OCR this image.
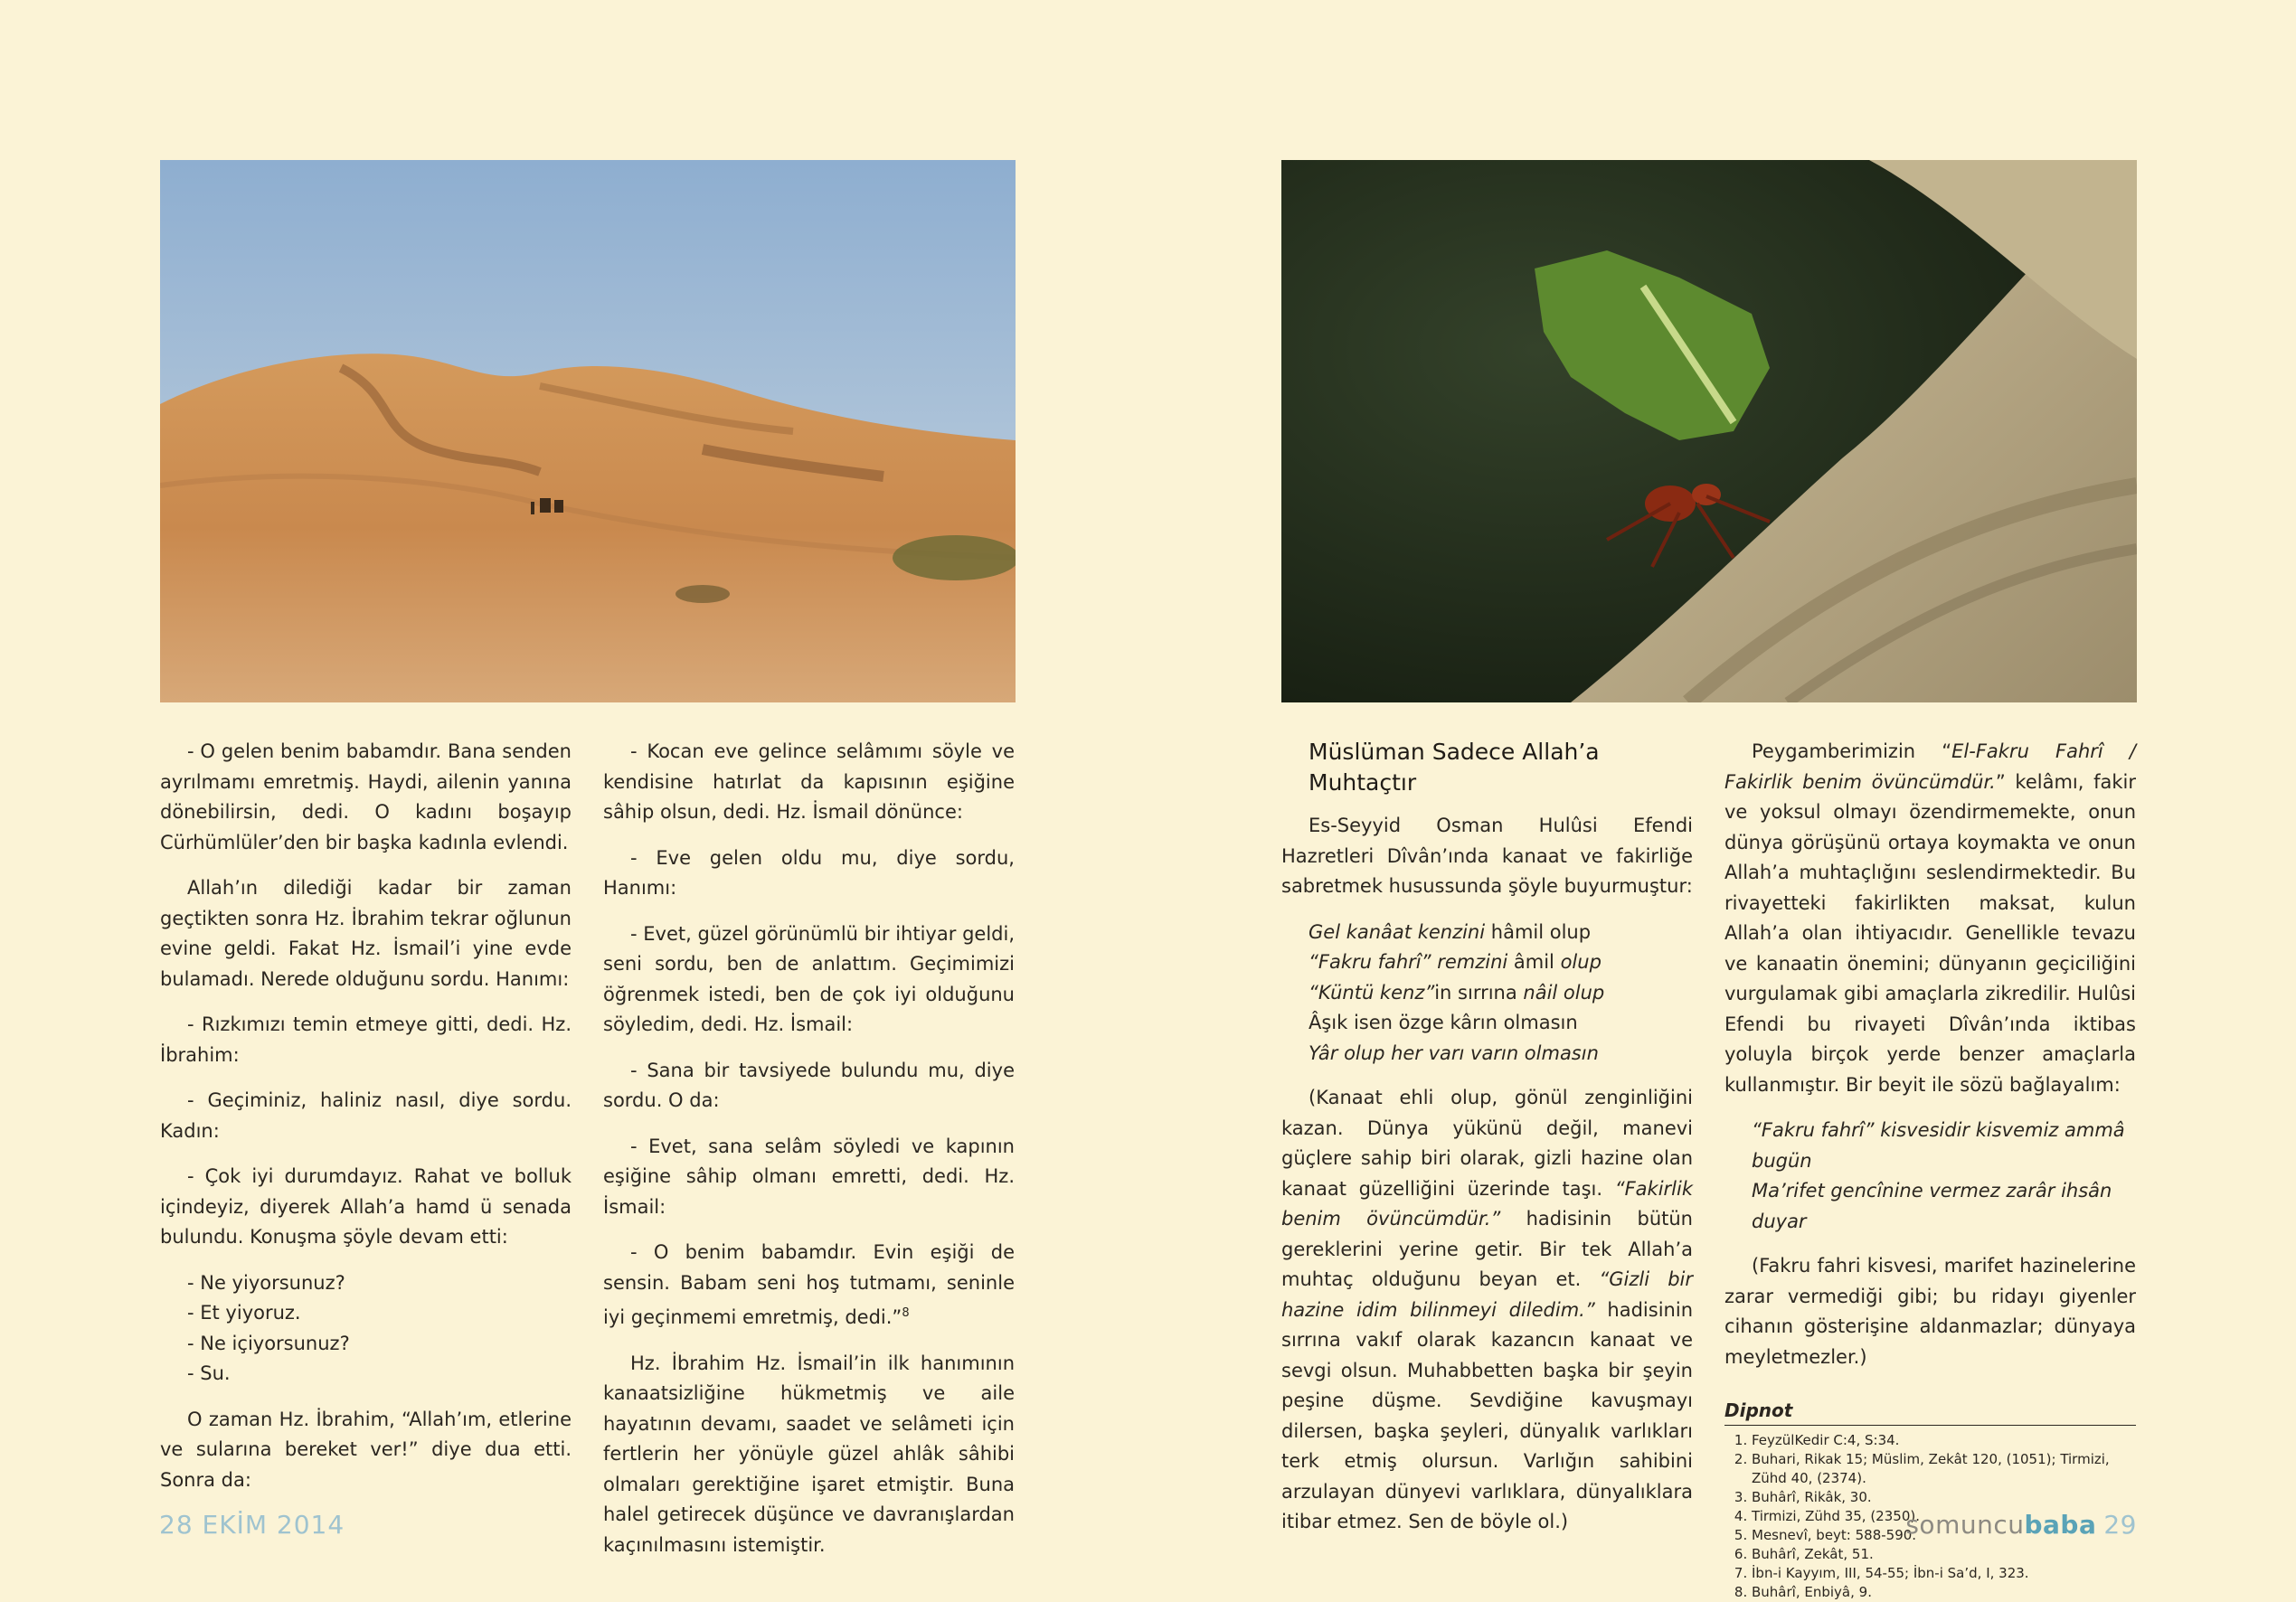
- O gelen benim babamdır. Bana senden ayrılmamı emretmiş. Haydi, ailenin yanına dönebilirsin, dedi. O kadını boşayıp Cürhümlüler’den bir başka kadınla evlendi.

Allah’ın dilediği kadar bir zaman geçtikten sonra Hz. İbrahim tekrar oğlunun evine geldi. Fakat Hz. İsmail’i yine evde bulamadı. Nerede olduğunu sordu. Hanımı:

- Rızkımızı temin etmeye gitti, dedi. Hz. İbrahim:

- Geçiminiz, haliniz nasıl, diye sordu. Kadın:

- Çok iyi durumdayız. Rahat ve bolluk içindeyiz, diyerek Allah’a hamd ü senada bulundu. Konuşma şöyle devam etti:

- Ne yiyorsunuz?
- Et yiyoruz.
- Ne içiyorsunuz?
- Su.

O zaman Hz. İbrahim, “Allah’ım, etlerine ve sularına bereket ver!” diye dua etti. Sonra da:

- Kocan eve gelince selâmımı söyle ve kendisine hatırlat da kapısının eşiğine sâhip olsun, dedi. Hz. İsmail dönünce:

- Eve gelen oldu mu, diye sordu, Hanımı:

- Evet, güzel görünümlü bir ihtiyar geldi, seni sordu, ben de anlattım. Geçimimizi öğrenmek istedi, ben de çok iyi olduğunu söyledim, dedi. Hz. İsmail:

- Sana bir tavsiyede bulundu mu, diye sordu. O da:

- Evet, sana selâm söyledi ve kapının eşiğine sâhip olmanı emretti, dedi. Hz. İsmail:

- O benim babamdır. Evin eşiği de sensin. Babam seni hoş tutmamı, seninle iyi geçinmemi emretmiş, dedi.”$^8$

Hz. İbrahim Hz. İsmail’in ilk hanımının kanaatsizliğine hükmetmiş ve aile hayatının devamı, saadet ve selâmeti için fertlerin her yönüyle güzel ahlâk sâhibi olmaları gerektiğine işaret etmiştir. Buna halel getirecek düşünce ve davranışlardan kaçınılmasını istemiştir.

Müslüman Sadece Allah’a Muhtaçtır

Es-Seyyid Osman Hulûsi Efendi Hazretleri Dîvân’ında kanaat ve fakirliğe sabretmek husussunda şöyle buyurmuştur:

Gel kanâat kenzini hâmil olup
“Fakru fahrî” remzini âmil olup
“Küntü kenz”in sırrına nâil olup
Âşık isen özge kârın olmasın
Yâr olup her varı varın olmasın

(Kanaat ehli olup, gönül zenginliğini kazan. Dünya yükünü değil, manevi güçlere sahip biri olarak, gizli hazine olan kanaat güzelliğini üzerinde taşı. “Fakirlik benim övüncümdür.” hadisinin bütün gereklerini yerine getir. Bir tek Allah’a muhtaç olduğunu beyan et. “Gizli bir hazine idim bilinmeyi diledim.” hadisinin sırrına vakıf olarak kazancın kanaat ve sevgi olsun. Muhabbetten başka bir şeyin peşine düşme. Sevdiğine kavuşmayı dilersen, başka şeyleri, dünyalık varlıkları terk etmiş olursun. Varlığın sahibini arzulayan dünyevi varlıklara, dünyalıklara itibar etmez. Sen de böyle ol.)

Peygamberimizin “El-Fakru Fahrî / Fakirlik benim övüncümdür.” kelâmı, fakir ve yoksul olmayı özendirmemekte, onun dünya görüşünü ortaya koymakta ve onun Allah’a muhtaçlığını seslendirmektedir. Bu rivayetteki fakirlikten maksat, kulun Allah’a olan ihtiyacıdır. Genellikle tevazu ve kanaatin önemini; dünyanın geçiciliğini vurgulamak gibi amaçlarla zikredilir. Hulûsi Efendi bu rivayeti Dîvân’ında iktibas yoluyla birçok yerde benzer amaçlarla kullanmıştır. Bir beyit ile sözü bağlayalım:

“Fakru fahrî” kisvesidir kisvemiz ammâ bugün
Ma’rifet gencînine vermez zarâr ihsân duyar

(Fakru fahri kisvesi, marifet hazinelerine zarar vermediği gibi; bu ridayı giyenler cihanın gösterişine aldanmazlar; dünyaya meyletmezler.)

Dipnot
1. FeyzülKedir C:4, S:34.
2. Buhari, Rikak 15; Müslim, Zekât 120, (1051); Tirmizi, Zühd 40, (2374).
3. Buhârî, Rikâk, 30.
4. Tirmizi, Zühd 35, (2350).
5. Mesnevî, beyt: 588-590.
6. Buhârî, Zekât, 51.
7. İbn-i Kayyım, III, 54-55; İbn-i Sa’d, I, 323.
8. Buhârî, Enbiyâ, 9.
28 EKİM 2014	somuncubaba 29
